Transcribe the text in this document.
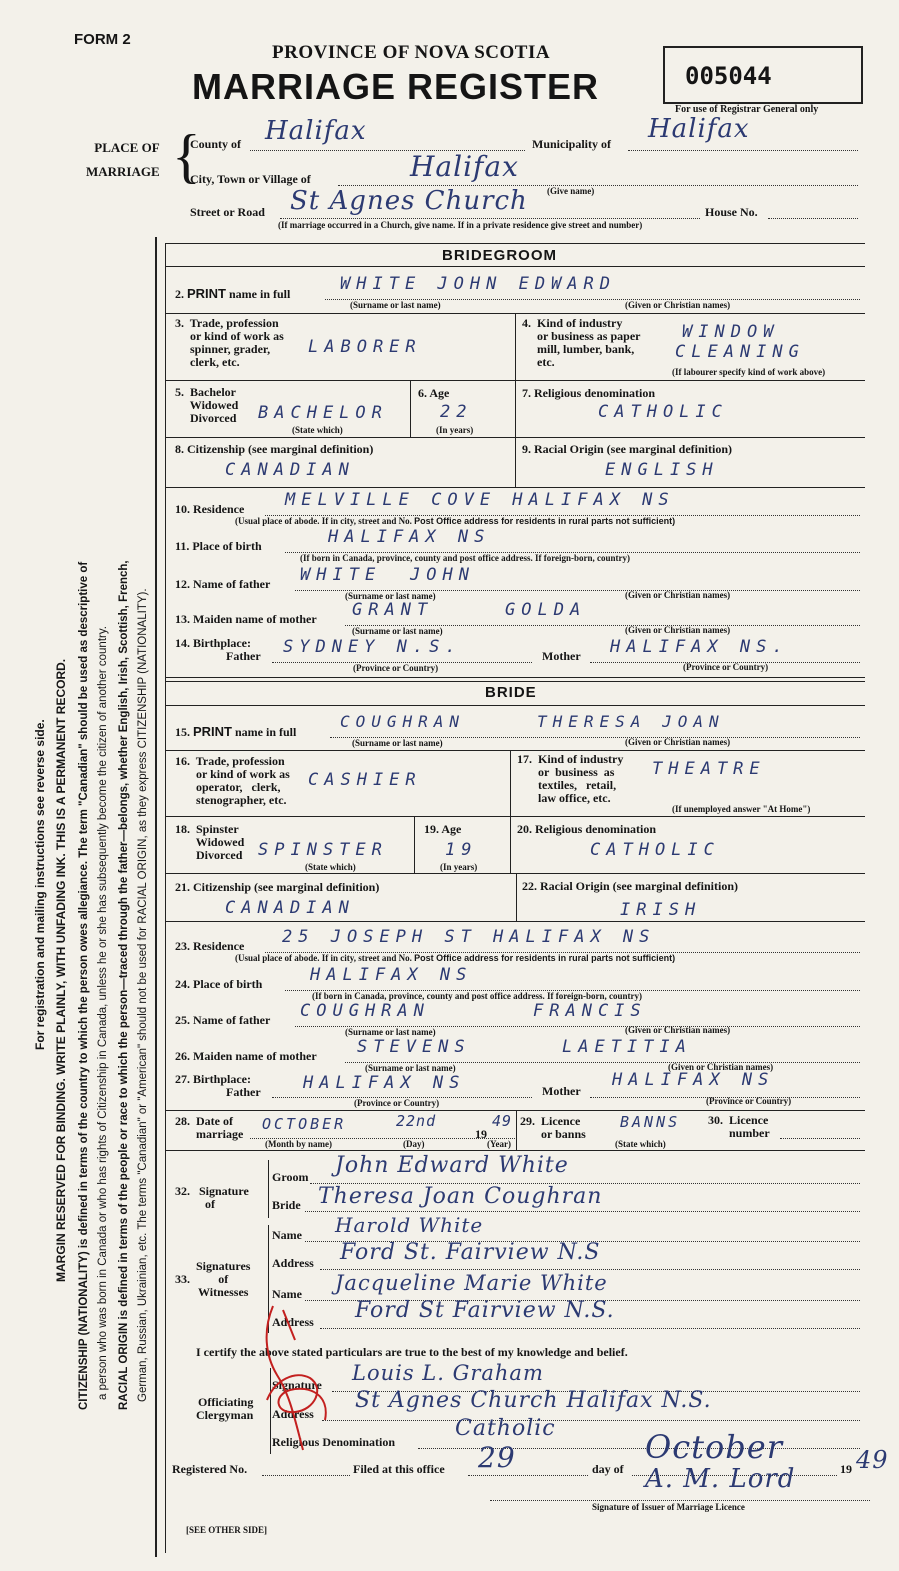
FORM 2
PROVINCE OF NOVA SCOTIA
MARRIAGE REGISTER	005044
For use of Registrar General only
PLACE OF
MARRIAGE {
County of Halifax	Municipality of Halifax
City, Town or Village of	Halifax
(Give name)
Street or Road St Agnes Church	House No.
(If marriage occurred in a Church, give name. If in a private residence give street and number)
BRIDEGROOM
2. PRINT name in full	WHITE JOHN EDWARD
(Surname or last name)	(Given or Christian names)
3.  Trade, profession
or kind of work as
spinner, grader,
clerk, etc.
LABORER
4.  Kind of industry
or business as paper
mill, lumber, bank,
etc.
WINDOW
CLEANING
(If labourer specify kind of work above)
5.  Bachelor
Widowed
Divorced BACHELOR
(State which)
6. Age
22
(In years)
7. Religious denomination
CATHOLIC
8. Citizenship (see marginal definition)
CANADIAN
9. Racial Origin (see marginal definition)
ENGLISH
10. Residence MELVILLE COVE HALIFAX NS
(Usual place of abode. If in city, street and No. Post Office address for residents in rural parts not sufficient)
11. Place of birth	HALIFAX NS
(If born in Canada, province, county and post office address. If foreign-born, country)
12. Name of father WHITE JOHN
(Surname or last name)	(Given or Christian names)
13. Maiden name of mother GRANT	GOLDA
(Surname or last name)	(Given or Christian names)
14. Birthplace:
Father SYDNEY N.S.	Mother HALIFAX NS.
(Province or Country)	(Province or Country)
BRIDE
15. PRINT name in full
COUGHRAN	THERESA JOAN
(Surname or last name)	(Given or Christian names)
16.  Trade, profession
or kind of work as
operator,   clerk,
stenographer, etc.
CASHIER
17.  Kind of industry
or  business  as
textiles,   retail,
law office, etc.
THEATRE
(If unemployed answer "At Home")
18.  Spinster
Widowed
Divorced SPINSTER
(State which)
19. Age
19
(In years)
20. Religious denomination
CATHOLIC
21. Citizenship (see marginal definition)
CANADIAN
22. Racial Origin (see marginal definition)
IRISH
23. Residence 25 JOSEPH ST HALIFAX NS
(Usual place of abode. If in city, street and No. Post Office address for residents in rural parts not sufficient)
24. Place of birth	HALIFAX NS
(If born in Canada, province, county and post office address. If foreign-born, country)
25. Name of father COUGHRAN	FRANCIS
(Surname or last name)	(Given or Christian names)
26. Maiden name of mother STEVENS	LAETITIA
(Surname or last name)	(Given or Christian names)
27. Birthplace:
Father HALIFAX NS	Mother
HALIFAX NS
(Province or Country)	(Province or Country)
28.  Date of
marriage
OCTOBER	22nd
19
49
(Month by name)	(Day)	(Year)
29.  Licence
or banns
BANNS
(State which)
30.  Licence
number
32.   Signature
of
Groom John Edward White
Bride Theresa Joan Coughran
33.
Signatures
of
Witnesses
Name Harold White
Address Ford St. Fairview N.S
Name Jacqueline Marie White
Address Ford St Fairview N.S.
I certify the above stated particulars are true to the best of my knowledge and belief.
Officiating
Clergyman
Signature Louis L. Graham
Address
St Agnes Church Halifax N.S.
Religious Denomination
Catholic
Registered No.	Filed at this office 29	day of
October
19 49
A. M. Lord
Signature of Issuer of Marriage Licence
[SEE OTHER SIDE]
For registration and mailing instructions see reverse side. MARGIN RESERVED FOR BINDING. WRITE PLAINLY, WITH UNFADING INK. THIS IS A PERMANENT RECORD. CITIZENSHIP (NATIONALITY) is defined in terms of the country to which the person owes allegiance. The term "Canadian" should be used as descriptive of a person who was born in Canada or who has rights of Citizenship in Canada, unless he or she has subsequently become the citizen of another country. RACIAL ORIGIN is defined in terms of the people or race to which the person—traced through the father—belongs, whether English, Irish, Scottish, French, German, Russian, Ukrainian, etc. The terms "Canadian" or "American" should not be used for RACIAL ORIGIN, as they express CITIZENSHIP (NATIONALITY).
